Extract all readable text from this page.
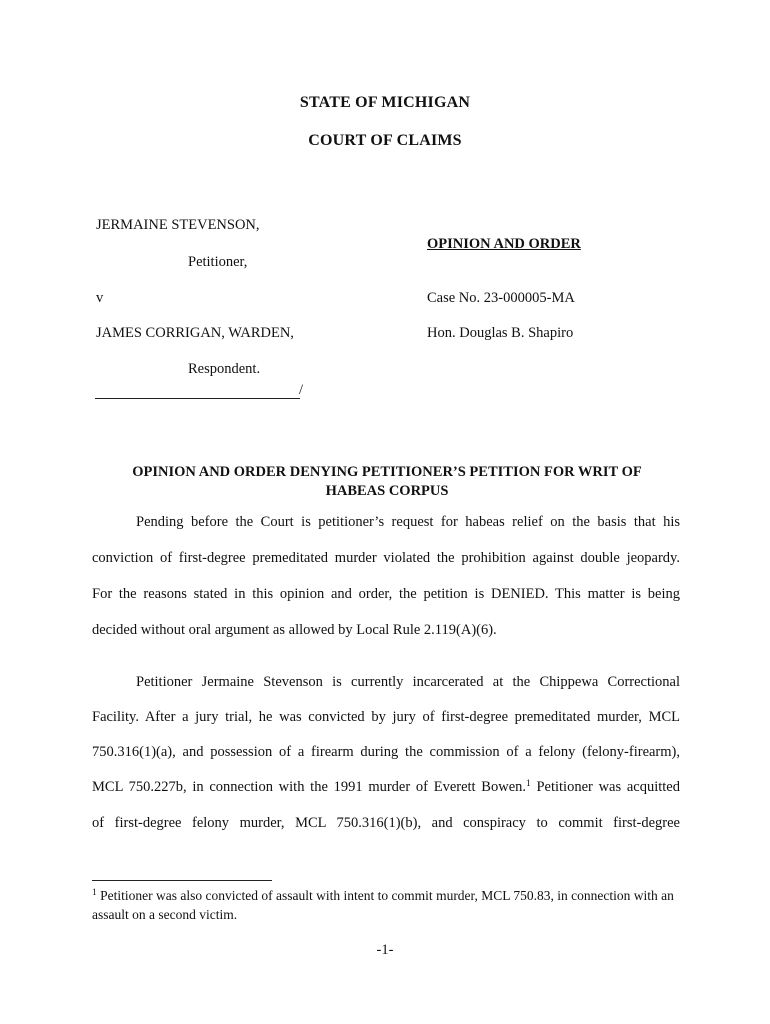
STATE OF MICHIGAN
COURT OF CLAIMS
JERMAINE STEVENSON,
Petitioner,
v
JAMES CORRIGAN, WARDEN,
Respondent.
/
OPINION AND ORDER
Case No. 23-000005-MA
Hon. Douglas B. Shapiro
OPINION AND ORDER DENYING PETITIONER’S PETITION FOR WRIT OF
HABEAS CORPUS
Pending before the Court is petitioner’s request for habeas relief on the basis that his
conviction of first-degree premeditated murder violated the prohibition against double jeopardy.
For the reasons stated in this opinion and order, the petition is DENIED. This matter is being
decided without oral argument as allowed by Local Rule 2.119(A)(6).
Petitioner Jermaine Stevenson is currently incarcerated at the Chippewa Correctional
Facility. After a jury trial, he was convicted by jury of first-degree premeditated murder, MCL
750.316(1)(a), and possession of a firearm during the commission of a felony (felony-firearm),
MCL 750.227b, in connection with the 1991 murder of Everett Bowen.$^1$ Petitioner was acquitted
of first-degree felony murder, MCL 750.316(1)(b), and conspiracy to commit first-degree
$^1$ Petitioner was also convicted of assault with intent to commit murder, MCL 750.83, in connection with an assault on a second victim.
-1-
